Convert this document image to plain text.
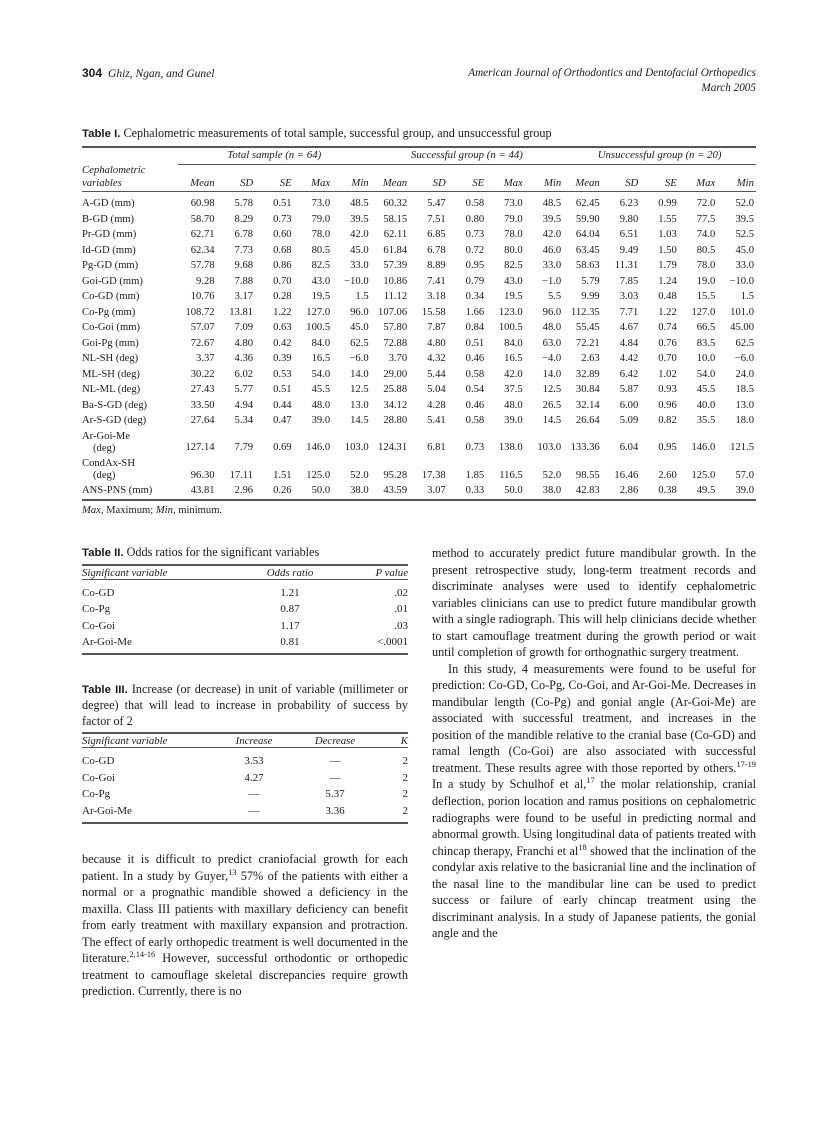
304 Ghiz, Ngan, and Gunel	American Journal of Orthodontics and Dentofacial Orthopedics
March 2005
Table I. Cephalometric measurements of total sample, successful group, and unsuccessful group

	Total sample (n = 64)					Successful group (n = 44)					Unsuccessful group (n = 20)				

Cephalometric
variables	Mean	SD	SE	Max	Min	Mean	SD	SE	Max	Min	Mean	SD	SE	Max	Min

A-GD (mm)	60.98	5.78	0.51	73.0	48.5	60.32	5.47	0.58	73.0	48.5	62.45	6.23	0.99	72.0	52.0
B-GD (mm)	58.70	8.29	0.73	79.0	39.5	58.15	7.51	0.80	79.0	39.5	59.90	9.80	1.55	77.5	39.5
Pr-GD (mm)	62.71	6.78	0.60	78.0	42.0	62.11	6.85	0.73	78.0	42.0	64.04	6.51	1.03	74.0	52.5
Id-GD (mm)	62.34	7.73	0.68	80.5	45.0	61.84	6.78	0.72	80.0	46.0	63.45	9.49	1.50	80.5	45.0
Pg-GD (mm)	57.78	9.68	0.86	82.5	33.0	57.39	8.89	0.95	82.5	33.0	58.63	11.31	1.79	78.0	33.0
Goi-GD (mm)	9.28	7.88	0.70	43.0	−10.0	10.86	7.41	0.79	43.0	−1.0	5.79	7.85	1.24	19.0	−10.0
Co-GD (mm)	10.76	3.17	0.28	19.5	1.5	11.12	3.18	0.34	19.5	5.5	9.99	3.03	0.48	15.5	1.5
Co-Pg (mm)	108.72	13.81	1.22	127.0	96.0	107.06	15.58	1.66	123.0	96.0	112.35	7.71	1.22	127.0	101.0
Co-Goi (mm)	57.07	7.09	0.63	100.5	45.0	57.80	7.87	0.84	100.5	48.0	55.45	4.67	0.74	66.5	45.00
Goi-Pg (mm)	72.67	4.80	0.42	84.0	62.5	72.88	4.80	0.51	84.0	63.0	72.21	4.84	0.76	83.5	62.5
NL-SH (deg)	3.37	4.36	0.39	16.5	−6.0	3.70	4.32	0.46	16.5	−4.0	2.63	4.42	0.70	10.0	−6.0
ML-SH (deg)	30.22	6.02	0.53	54.0	14.0	29.00	5.44	0.58	42.0	14.0	32.89	6.42	1.02	54.0	24.0
NL-ML (deg)	27.43	5.77	0.51	45.5	12.5	25.88	5.04	0.54	37.5	12.5	30.84	5.87	0.93	45.5	18.5
Ba-S-GD (deg)	33.50	4.94	0.44	48.0	13.0	34.12	4.28	0.46	48.0	26.5	32.14	6.00	0.96	40.0	13.0
Ar-S-GD (deg)	27.64	5.34	0.47	39.0	14.5	28.80	5.41	0.58	39.0	14.5	26.64	5.09	0.82	35.5	18.0
Ar-Goi-Me
(deg)	127.14	7.79	0.69	146.0	103.0	124.31	6.81	0.73	138.0	103.0	133.36	6.04	0.95	146.0	121.5
CondAx-SH
(deg)	96.30	17.11	1.51	125.0	52.0	95.28	17.38	1.85	116.5	52.0	98.55	16.46	2.60	125.0	57.0
ANS-PNS (mm)	43.81	2.96	0.26	50.0	38.0	43.59	3.07	0.33	50.0	38.0	42.83	2.86	0.38	49.5	39.0

Max, Maximum; Min, minimum.
Table II. Odds ratios for the significant variables

Significant variable	Odds ratio	P value

Co-GD	1.21	.02
Co-Pg	0.87	.01
Co-Goi	1.17	.03
Ar-Goi-Me	0.81	<.0001

Table III. Increase (or decrease) in unit of variable (millimeter or degree) that will lead to increase in probability of success by factor of 2

Significant variable	Increase	Decrease	K

Co-GD	3.53	—	2
Co-Goi	4.27	—	2
Co-Pg	—	5.37	2
Ar-Goi-Me	—	3.36	2

because it is difficult to predict craniofacial growth for each patient. In a study by Guyer,$^{13}$ 57% of the patients with either a normal or a prognathic mandible showed a deficiency in the maxilla. Class III patients with maxillary deficiency can benefit from early treatment with maxillary expansion and protraction. The effect of early orthopedic treatment is well documented in the literature.$^{2,14-16}$ However, successful orthodontic or orthopedic treatment to camouflage skeletal discrepancies require growth prediction. Currently, there is no

method to accurately predict future mandibular growth. In the present retrospective study, long-term treatment records and discriminate analyses were used to identify cephalometric variables clinicians can use to predict future mandibular growth with a single radiograph. This will help clinicians decide whether to start camouflage treatment during the growth period or wait until completion of growth for orthognathic surgery treatment.

In this study, 4 measurements were found to be useful for prediction: Co-GD, Co-Pg, Co-Goi, and Ar-Goi-Me. Decreases in mandibular length (Co-Pg) and gonial angle (Ar-Goi-Me) are associated with successful treatment, and increases in the position of the mandible relative to the cranial base (Co-GD) and ramal length (Co-Goi) are also associated with successful treatment. These results agree with those reported by others.$^{17-19}$ In a study by Schulhof et al,$^{17}$ the molar relationship, cranial deflection, porion location and ramus positions on cephalometric radiographs were found to be useful in predicting normal and abnormal growth. Using longitudinal data of patients treated with chincap therapy, Franchi et $al^{18}$ showed that the inclination of the condylar axis relative to the basicranial line and the inclination of the nasal line to the mandibular line can be used to predict success or failure of early chincap treatment using the discriminant analysis. In a study of Japanese patients, the gonial angle and the
